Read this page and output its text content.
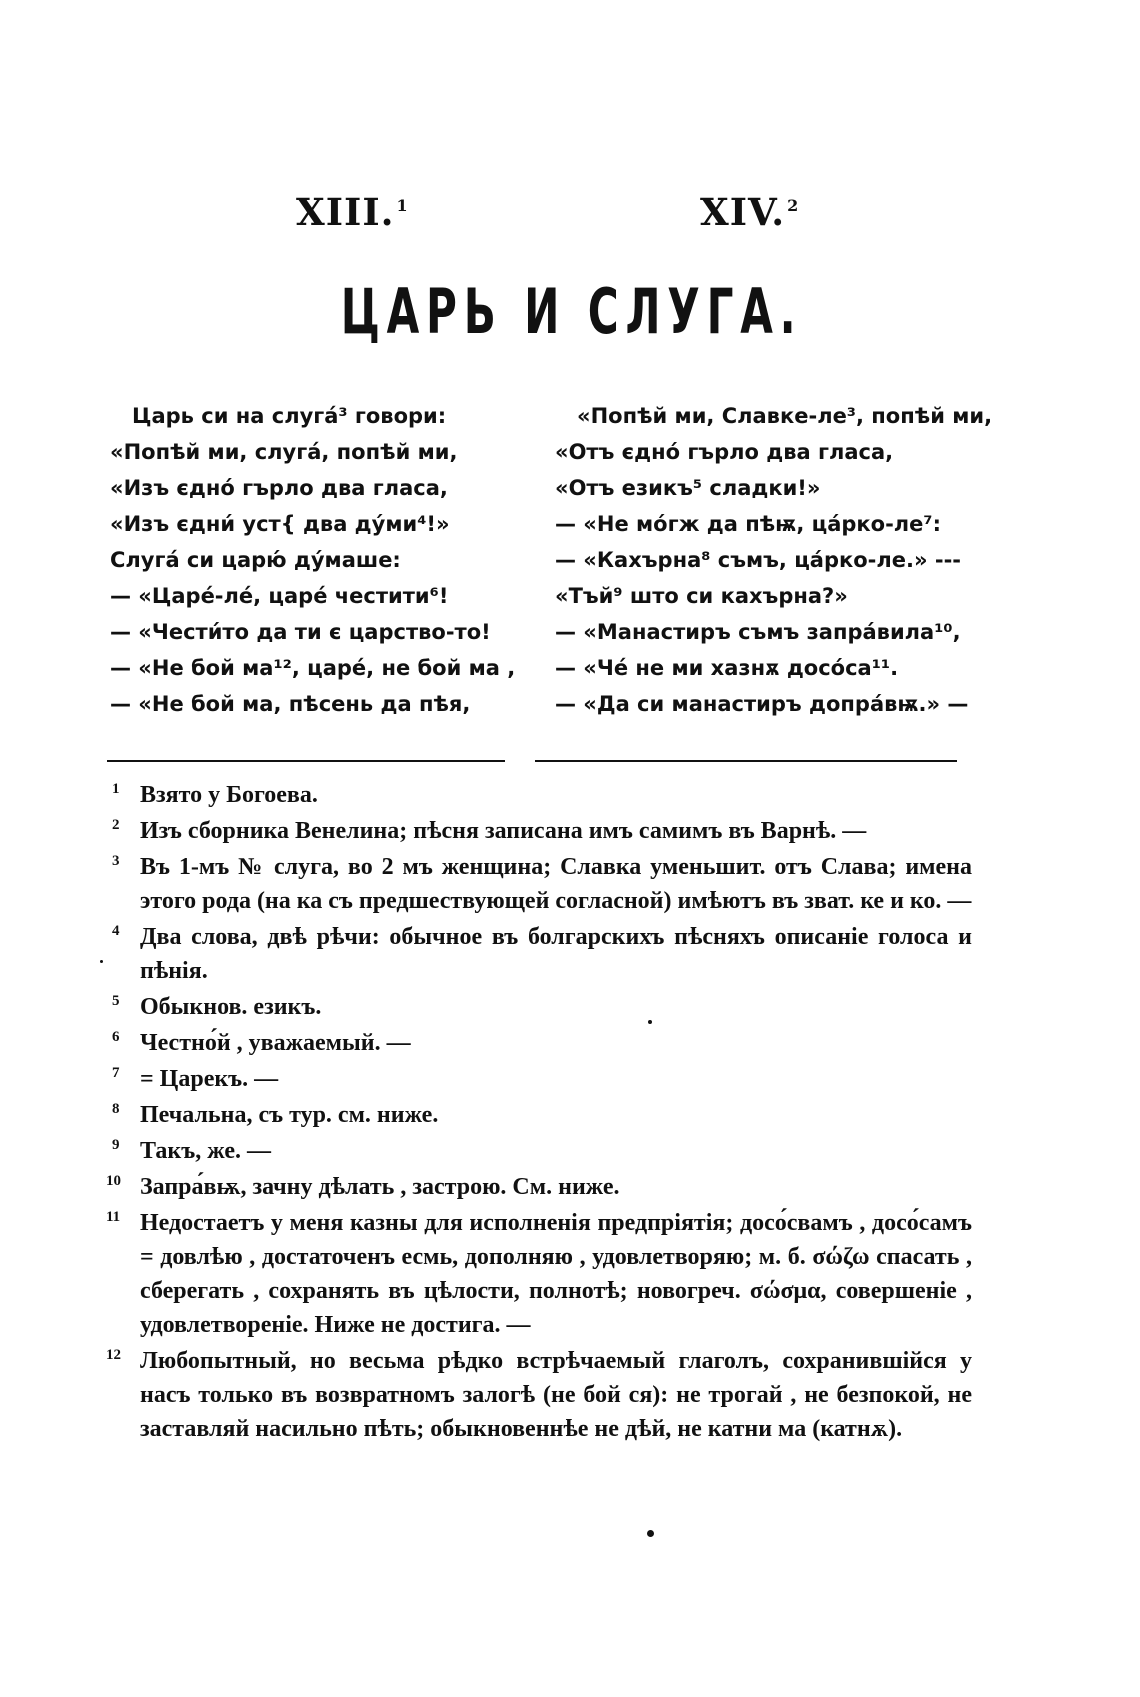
XIII. $^1$	XIV. $^2$
ЦАРЬ И СЛУГА.
Царь си на слугá³ говори:
«Попѣй ми, слугá, попѣй ми,
«Изъ єдно́ гърло два гласа,
«Изъ єдни́ уст{ два ду́ми⁴!»
Слугá си царю́ ду́маше:
— «Царé-лé, царé честити⁶!
— «Чести́то да ти є царство-то!
— «Не бой ма¹², царé, не бой ма ,
— «Не бой ма, пѣсень да пѣя,
«Попѣй ми, Славке-ле³, попѣй ми,
«Отъ єдно́ гърло два гласа,
«Отъ езикъ⁵ сладки!»
— «Не мо́гж да пѣѭ, ца́рко-ле⁷:
— «Кахърна⁸ съмъ, ца́рко-ле.» ---
«Тъй⁹ што си кахърна?»
— «Манастиръ съмъ запра́вила¹⁰,
— «Чé не ми хазнѫ досо́са¹¹.
— «Да си манастиръ допра́вѭ.» —
1 Взято у Богоева.
2 Изъ сборника Венелина; пѣсня записана имъ самимъ въ Варнѣ. —
3 Въ 1-мъ № слуга, во 2 мъ женщина; Славка уменьшит. отъ Слава; имена этого рода (на ка съ предшествующей согласной) имѣютъ въ зват. ке и ко. —
4 Два слова, двѣ рѣчи: обычное въ болгарскихъ пѣсняхъ описаніе голоса и пѣнія.
5 Обыкнов. езикъ.
6 Честно́й , уважаемый. —
7 = Царекъ. —
8 Печальна, съ тур. см. ниже.
9 Такъ, же. —
10 Запра́вѭ, зачну дѣлать , застрою. См. ниже.
11 Недостаетъ у меня казны для исполненія предпріятія; досо́свамъ , досо́самъ = довлѣю , достаточенъ есмь, дополняю , удовлетворяю; м. б. σώζω спасать , сберегать , сохранять въ цѣлости, полнотѣ; новогреч. σώσμα, совершеніе , удовлетвореніе. Ниже не достига. —
12 Любопытный, но весьма рѣдко встрѣчаемый глаголъ, сохранившійся у насъ только въ возвратномъ залогѣ (не бой ся): не трогай , не безпокой, не заставляй насильно пѣть; обыкновеннѣе не дѣй, не катни ма (катнѫ).
